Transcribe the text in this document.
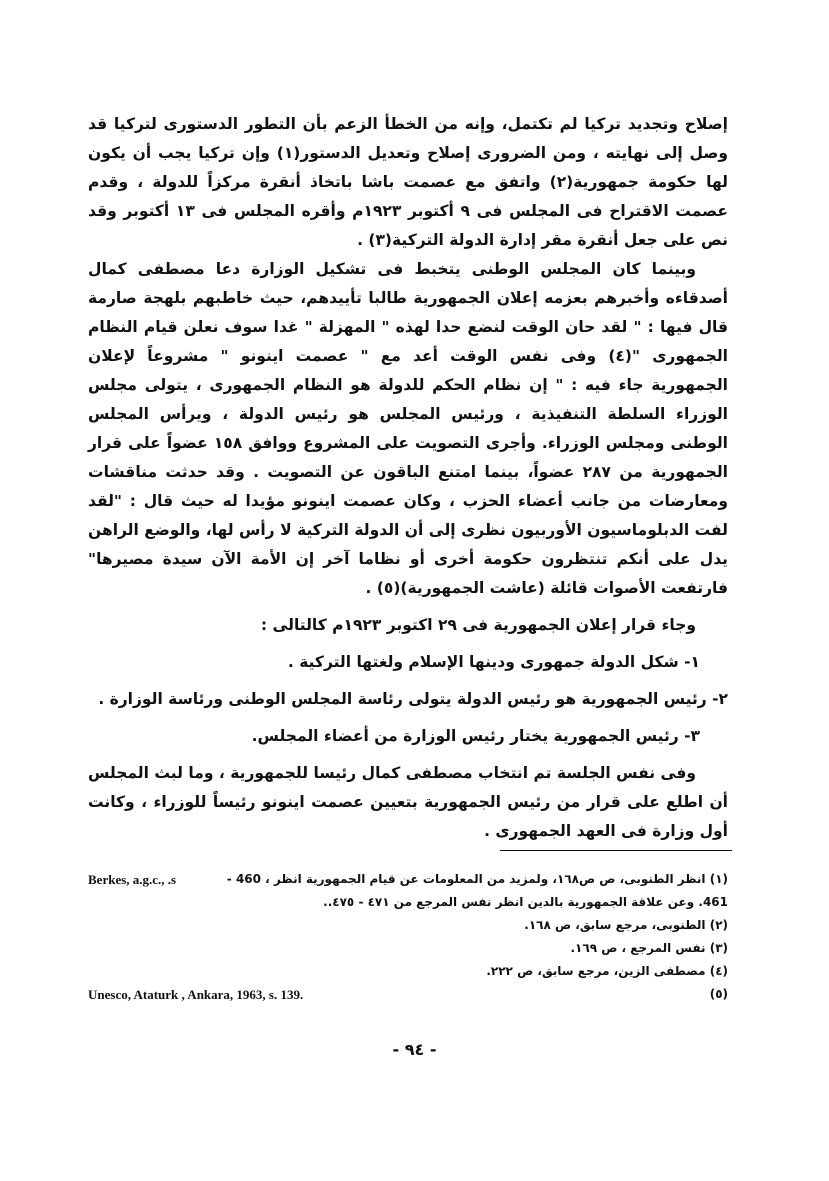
إصلاح وتجديد تركيا لم تكتمل، وإنه من الخطأ الزعم بأن التطور الدستورى لتركيا قد وصل إلى نهايته ، ومن الضرورى إصلاح وتعديل الدستور(١) وإن تركيا يجب أن يكون لها حكومة جمهورية(٢) واتفق مع عصمت باشا باتخاذ أنقرة مركزاً للدولة ، وقدم عصمت الاقتراح فى المجلس فى ٩ أكتوبر ١٩٢٣م وأقره المجلس فى ١٣ أكتوبر وقد نص على جعل أنقرة مقر إدارة الدولة التركية(٣) .

وبينما كان المجلس الوطنى يتخبط فى تشكيل الوزارة دعا مصطفى كمال أصدقاءه وأخبرهم بعزمه إعلان الجمهورية طالبا تأييدهم، حيث خاطبهم بلهجة صارمة قال فيها : " لقد حان الوقت لنضع حدا لهذه " المهزلة " غدا سوف نعلن قيام النظام الجمهورى "(٤) وفى نفس الوقت أعد مع " عصمت اينونو " مشروعاً لإعلان الجمهورية جاء فيه : " إن نظام الحكم للدولة هو النظام الجمهورى ، يتولى مجلس الوزراء السلطة التنفيذية ، ورئيس المجلس هو رئيس الدولة ، ويرأس المجلس الوطنى ومجلس الوزراء. وأجرى التصويت على المشروع ووافق ١٥٨ عضواً على قرار الجمهورية من ٢٨٧ عضواً، بينما امتنع الباقون عن التصويت . وقد حدثت مناقشات ومعارضات من جانب أعضاء الحزب ، وكان عصمت اينونو مؤيدا له حيث قال : "لقد لفت الدبلوماسيون الأوربيون نظرى إلى أن الدولة التركية لا رأس لها، والوضع الراهن يدل على أنكم تنتظرون حكومة أخرى أو نظاما آخر إن الأمة الآن سيدة مصيرها" فارتفعت الأصوات قائلة (عاشت الجمهورية)(٥) .

وجاء قرار إعلان الجمهورية فى ٢٩ اكتوبر ١٩٢٣م كالتالى :

١- شكل الدولة جمهورى ودينها الإسلام ولغتها التركية .

٢- رئيس الجمهورية هو رئيس الدولة يتولى رئاسة المجلس الوطنى ورئاسة الوزارة .

٣- رئيس الجمهورية يختار رئيس الوزارة من أعضاء المجلس.

وفى نفس الجلسة تم انتخاب مصطفى كمال رئيسا للجمهورية ، وما لبث المجلس أن اطلع على قرار من رئيس الجمهورية بتعيين عصمت اينونو رئيساً للوزراء ، وكانت أول وزارة فى العهد الجمهورى .

(١) انظر الطنوبى، ص ص١٦٨، ولمزيد من المعلومات عن قيام الجمهورية انظر ، 460 -
Berkes, a.g.c., .s
461. وعن علاقة الجمهورية بالدين انظر نفس المرجع من ٤٧١ - ٤٧٥..
(٢) الطنوبى، مرجع سابق، ص ١٦٨.
(٣) نفس المرجع ، ص ١٦٩.
(٤) مصطفى الزين، مرجع سابق، ص ٢٢٢.
(٥)
Unesco, Ataturk , Ankara, 1963, s. 139.
- ٩٤ -
